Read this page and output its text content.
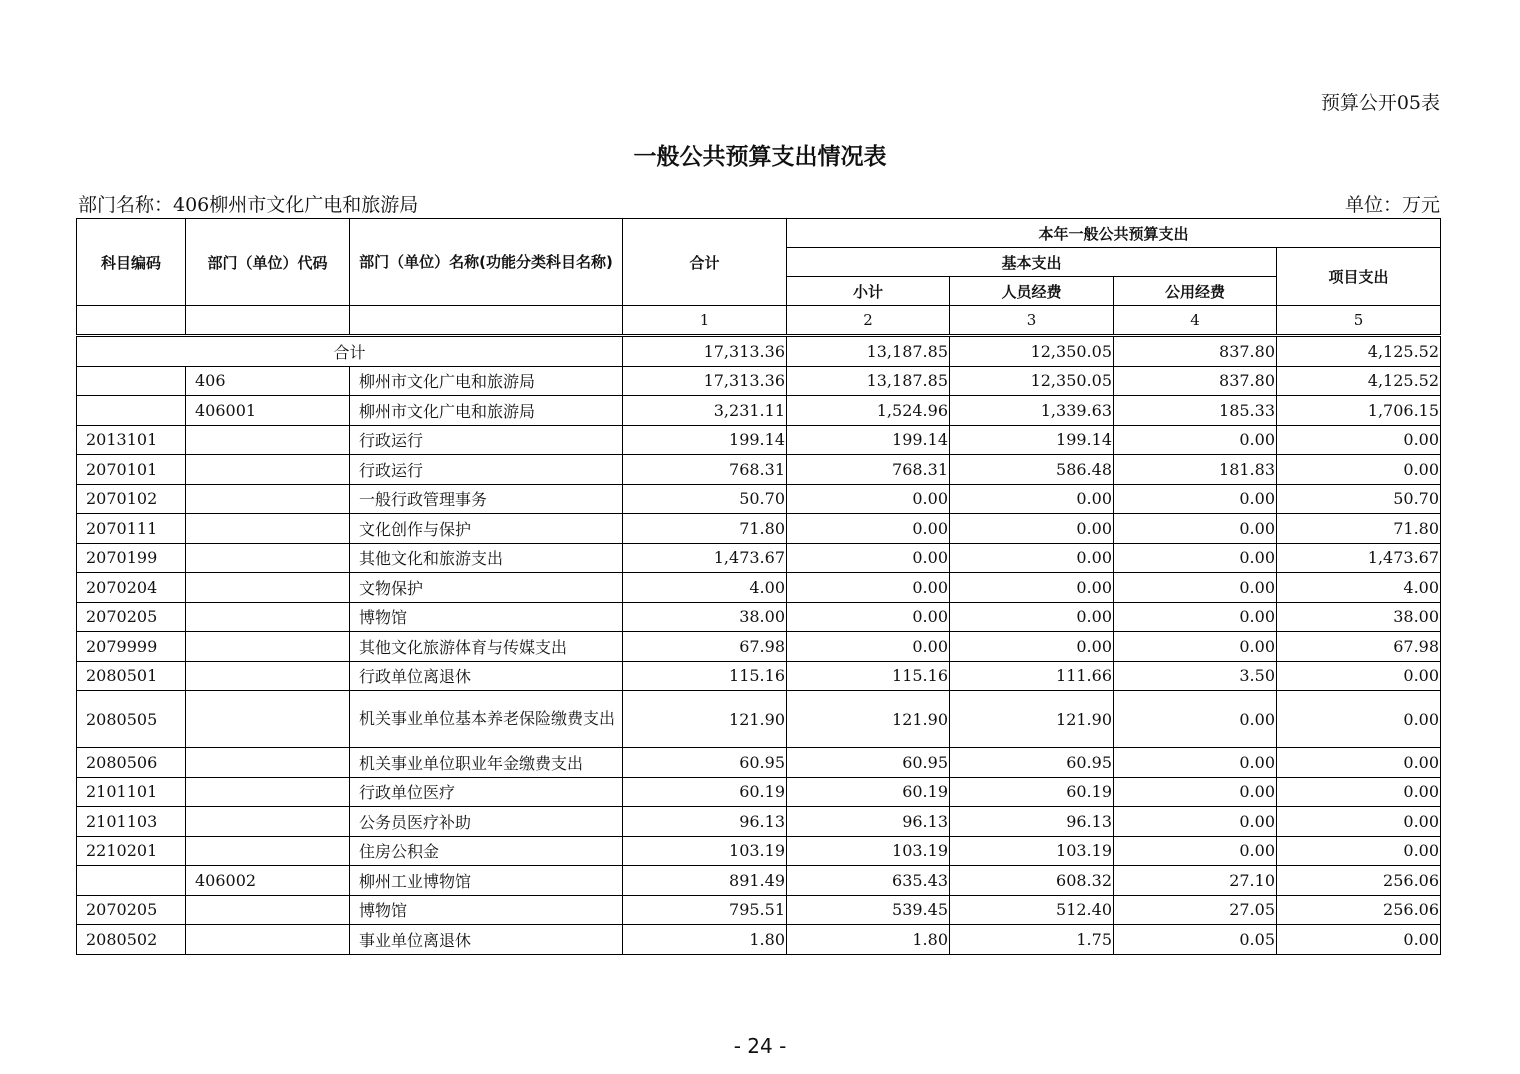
预算公开05表
一般公共预算支出情况表
部门名称：406柳州市文化广电和旅游局	单位：万元
科目编码	部门（单位）代码	部门（单位）名称(功能分类科目名称)	合计	本年一般公共预算支出			
				基本支出			项目支出
				小计	人员经费	公用经费	
			1	2	3	4	5
合计			17,313.36	13,187.85	12,350.05	837.80	4,125.52
	406	柳州市文化广电和旅游局	17,313.36	13,187.85	12,350.05	837.80	4,125.52
	406001	柳州市文化广电和旅游局	3,231.11	1,524.96	1,339.63	185.33	1,706.15
2013101		行政运行	199.14	199.14	199.14	0.00	0.00
2070101		行政运行	768.31	768.31	586.48	181.83	0.00
2070102		一般行政管理事务	50.70	0.00	0.00	0.00	50.70
2070111		文化创作与保护	71.80	0.00	0.00	0.00	71.80
2070199		其他文化和旅游支出	1,473.67	0.00	0.00	0.00	1,473.67
2070204		文物保护	4.00	0.00	0.00	0.00	4.00
2070205		博物馆	38.00	0.00	0.00	0.00	38.00
2079999		其他文化旅游体育与传媒支出	67.98	0.00	0.00	0.00	67.98
2080501		行政单位离退休	115.16	115.16	111.66	3.50	0.00
2080505		机关事业单位基本养老保险缴费支出	121.90	121.90	121.90	0.00	0.00
2080506		机关事业单位职业年金缴费支出	60.95	60.95	60.95	0.00	0.00
2101101		行政单位医疗	60.19	60.19	60.19	0.00	0.00
2101103		公务员医疗补助	96.13	96.13	96.13	0.00	0.00
2210201		住房公积金	103.19	103.19	103.19	0.00	0.00
	406002	柳州工业博物馆	891.49	635.43	608.32	27.10	256.06
2070205		博物馆	795.51	539.45	512.40	27.05	256.06
2080502		事业单位离退休	1.80	1.80	1.75	0.05	0.00
- 24 -
